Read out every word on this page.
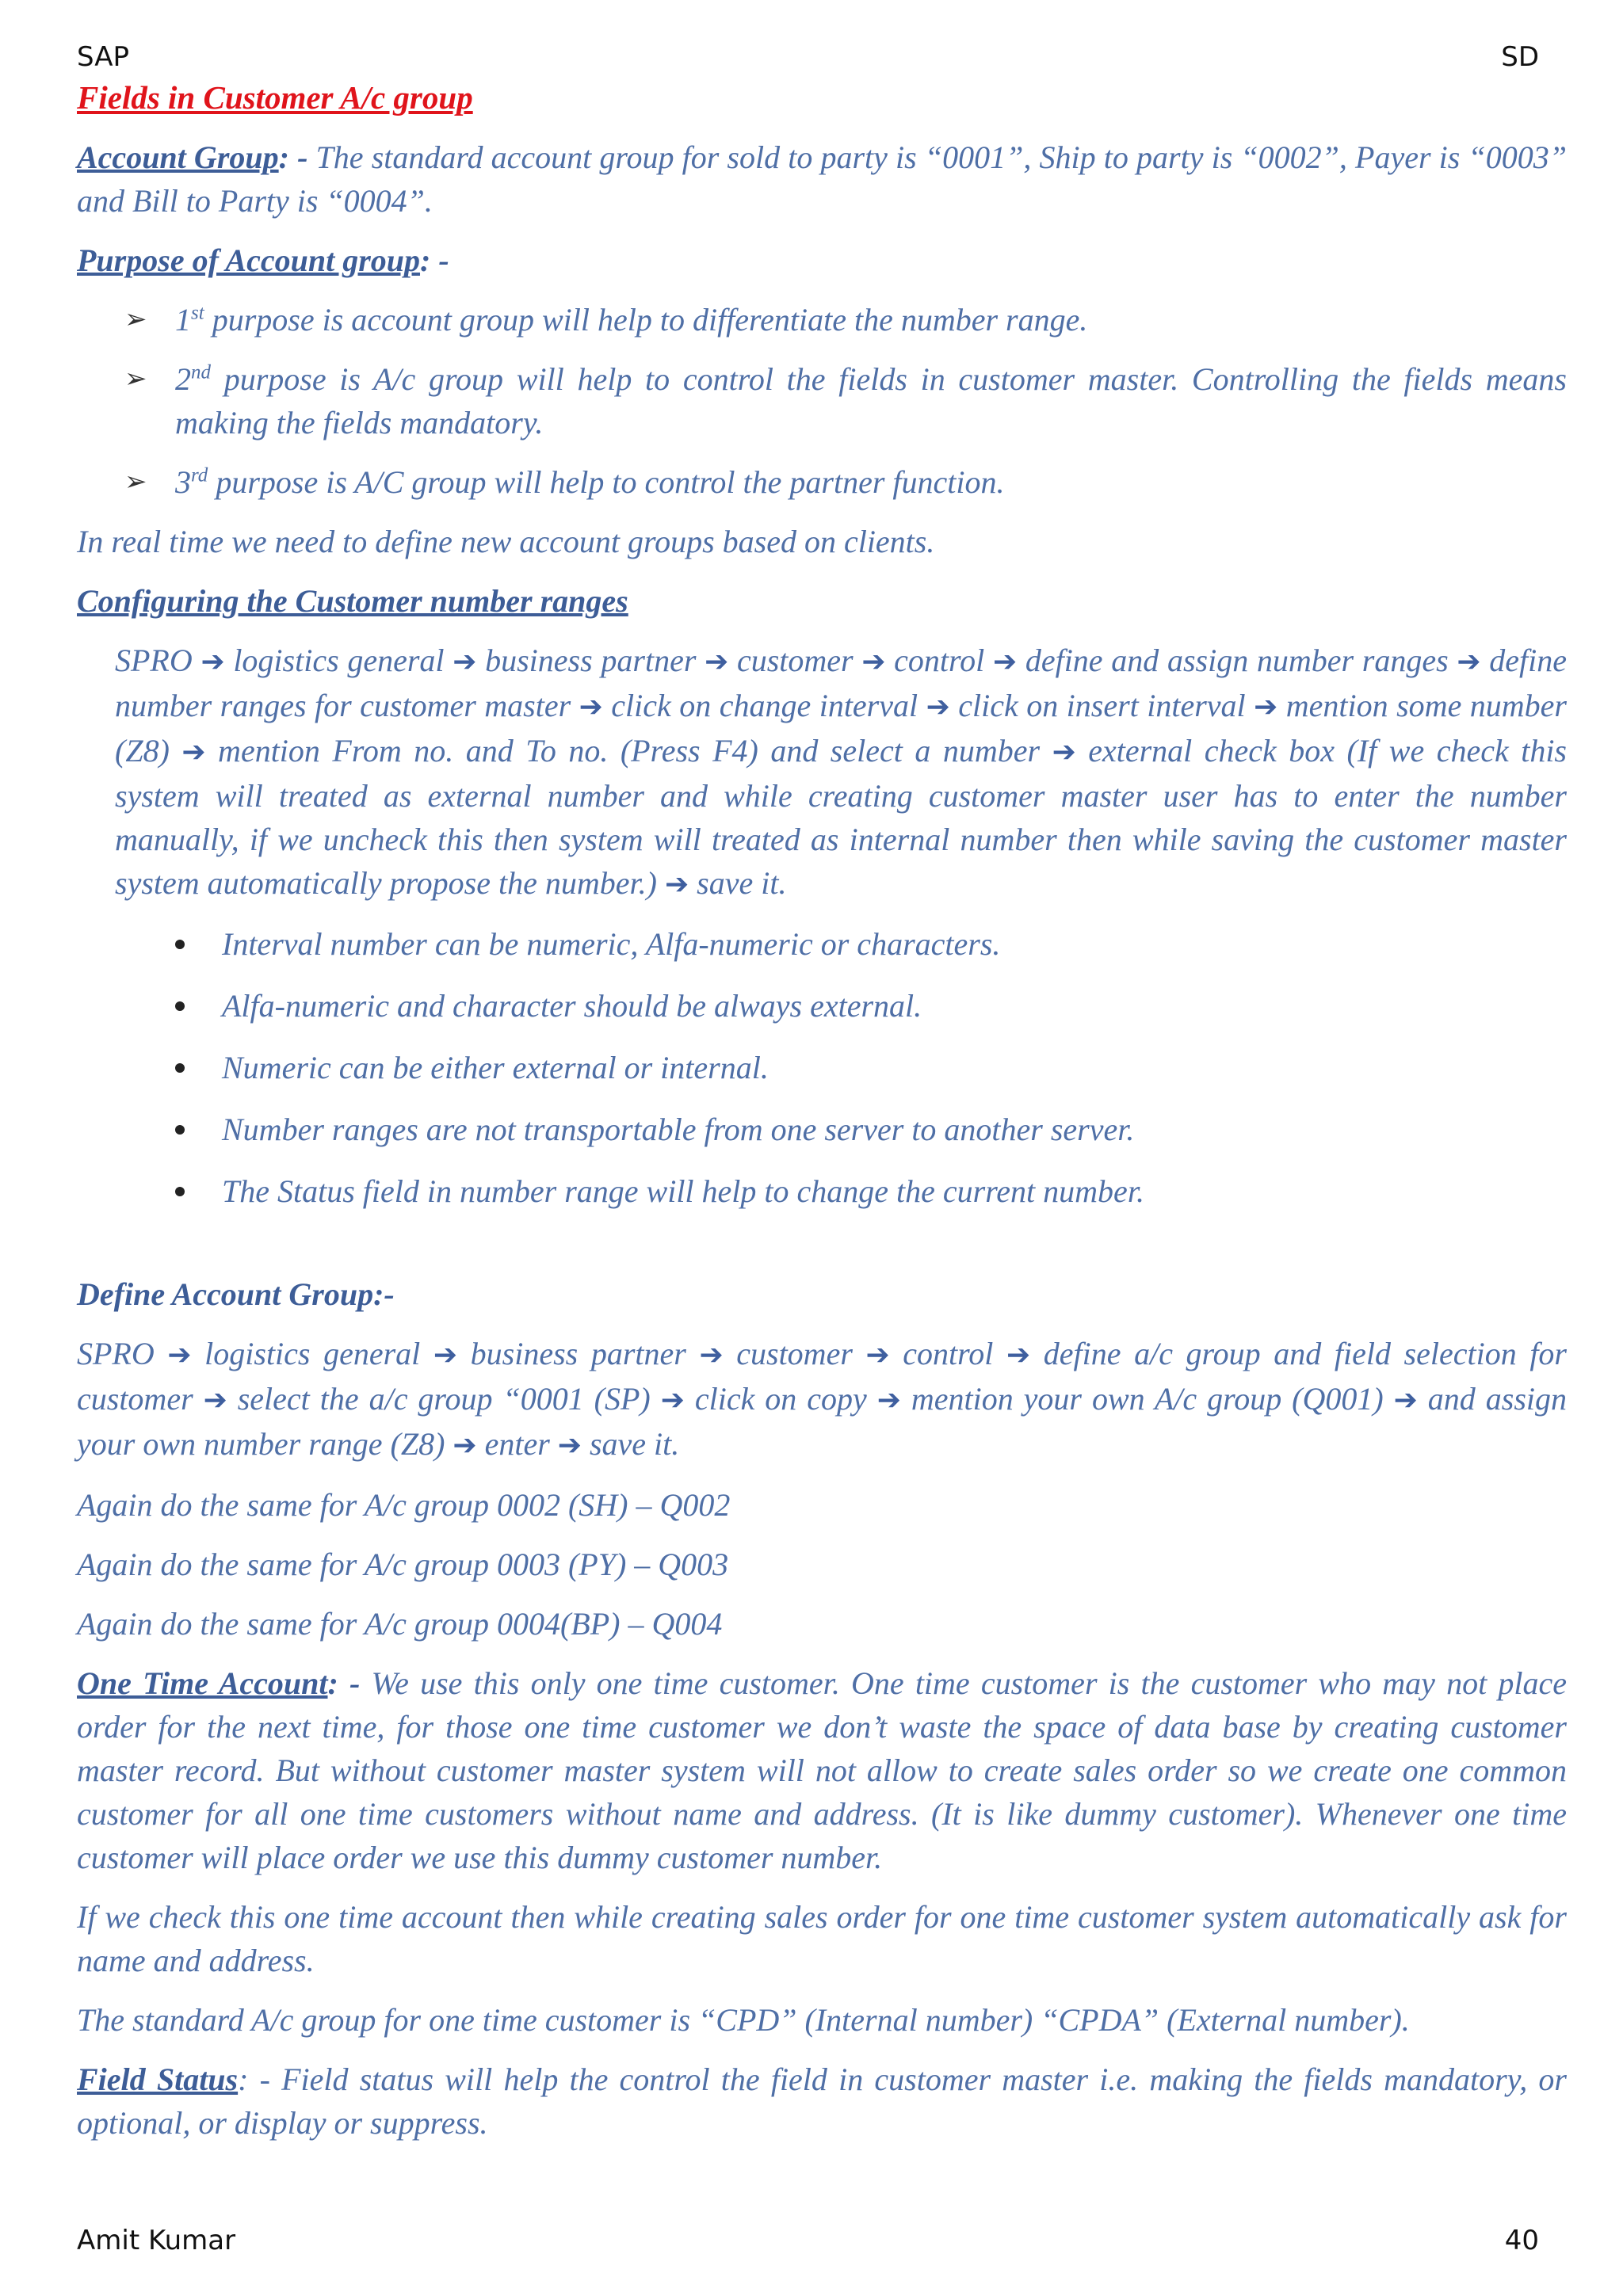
SAP	SD

Fields in Customer A/c group

Account Group: - The standard account group for sold to party is “0001”, Ship to party is “0002”, Payer is “0003” and Bill to Party is “0004”.

Purpose of Account group: -

➢ 1st purpose is account group will help to differentiate the number range.
➢ 2nd purpose is A/c group will help to control the fields in customer master. Controlling the fields means making the fields mandatory.
➢ 3rd purpose is A/C group will help to control the partner function.

In real time we need to define new account groups based on clients.

Configuring the Customer number ranges

SPRO ➔ logistics general ➔ business partner ➔ customer ➔ control ➔ define and assign number ranges ➔ define number ranges for customer master ➔ click on change interval ➔ click on insert interval ➔ mention some number (Z8) ➔ mention From no. and To no. (Press F4) and select a number ➔ external check box (If we check this system will treated as external number and while creating customer master user has to enter the number manually, if we uncheck this then system will treated as internal number then while saving the customer master system automatically propose the number.) ➔ save it.

Interval number can be numeric, Alfa-numeric or characters.
Alfa-numeric and character should be always external.
Numeric can be either external or internal.
Number ranges are not transportable from one server to another server.
The Status field in number range will help to change the current number.

Define Account Group:-

SPRO ➔ logistics general ➔ business partner ➔ customer ➔ control ➔ define a/c group and field selection for customer ➔ select the a/c group “0001 (SP) ➔ click on copy ➔ mention your own A/c group (Q001) ➔ and assign your own number range (Z8) ➔ enter ➔ save it.

Again do the same for A/c group 0002 (SH) – Q002

Again do the same for A/c group 0003 (PY) – Q003

Again do the same for A/c group 0004(BP) – Q004

One Time Account: - We use this only one time customer. One time customer is the customer who may not place order for the next time, for those one time customer we don’t waste the space of data base by creating customer master record. But without customer master system will not allow to create sales order so we create one common customer for all one time customers without name and address. (It is like dummy customer). Whenever one time customer will place order we use this dummy customer number.

If we check this one time account then while creating sales order for one time customer system automatically ask for name and address.

The standard A/c group for one time customer is “CPD” (Internal number) “CPDA” (External number).

Field Status: - Field status will help the control the field in customer master i.e. making the fields mandatory, or optional, or display or suppress.

Amit Kumar	40
